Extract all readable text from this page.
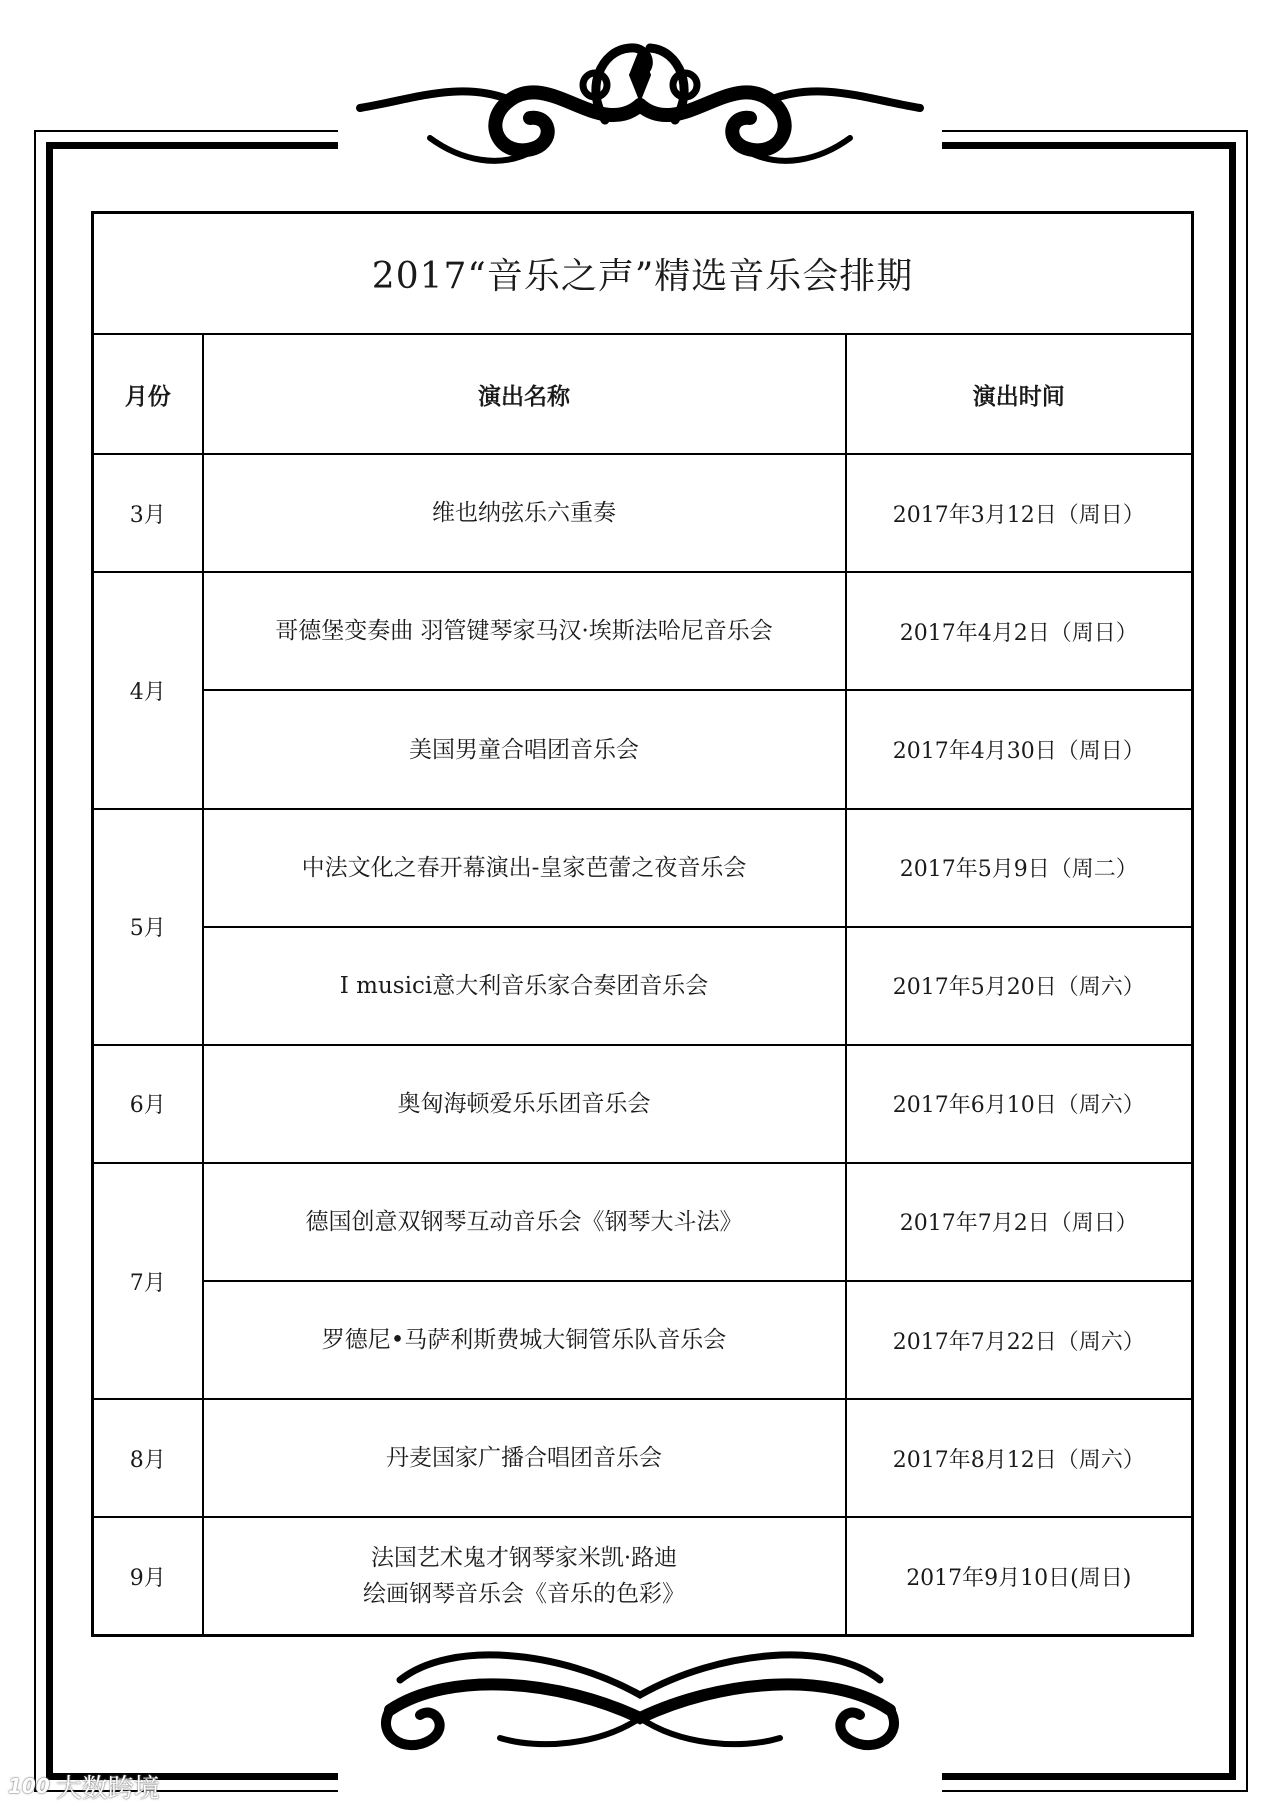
2017“音乐之声”精选音乐会排期		
月份	演出名称	演出时间
3月	维也纳弦乐六重奏	2017年3月12日（周日）
4月	哥德堡变奏曲 羽管键琴家马汉·埃斯法哈尼音乐会	2017年4月2日（周日）
	美国男童合唱团音乐会	2017年4月30日（周日）
5月	中法文化之春开幕演出-皇家芭蕾之夜音乐会	2017年5月9日（周二）
	I musici意大利音乐家合奏团音乐会	2017年5月20日（周六）
6月	奥匈海顿爱乐乐团音乐会	2017年6月10日（周六）
7月	德国创意双钢琴互动音乐会《钢琴大斗法》	2017年7月2日（周日）
	罗德尼•马萨利斯费城大铜管乐队音乐会	2017年7月22日（周六）
8月	丹麦国家广播合唱团音乐会	2017年8月12日（周六）
9月	法国艺术鬼才钢琴家米凯·路迪
绘画钢琴音乐会《音乐的色彩》	2017年9月10日(周日)
100 大数跨境
